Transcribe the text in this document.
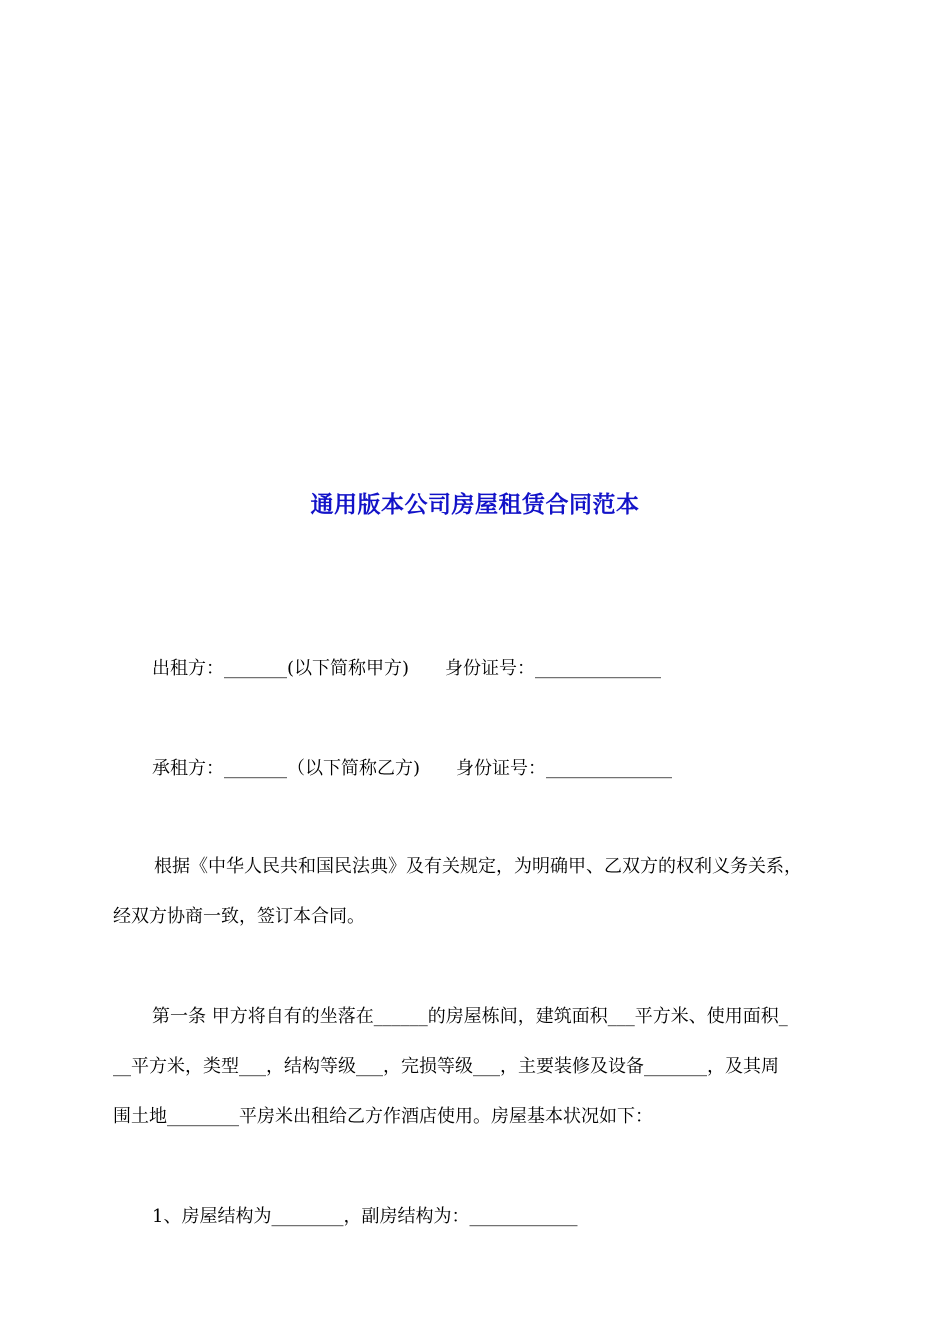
通用版本公司房屋租赁合同范本
出租方：_______(以下简称甲方)　　身份证号：______________
承租方：_______（以下简称乙方)　　身份证号：______________
根据《中华人民共和国民法典》及有关规定，为明确甲、乙双方的权利义务关系，
经双方协商一致，签订本合同。
第一条 甲方将自有的坐落在______的房屋栋间，建筑面积___平方米、使用面积_
__平方米，类型___，结构等级___，完损等级___，主要装修及设备_______，及其周
围土地________平房米出租给乙方作酒店使用。房屋基本状况如下：
1、房屋结构为________，副房结构为：____________
